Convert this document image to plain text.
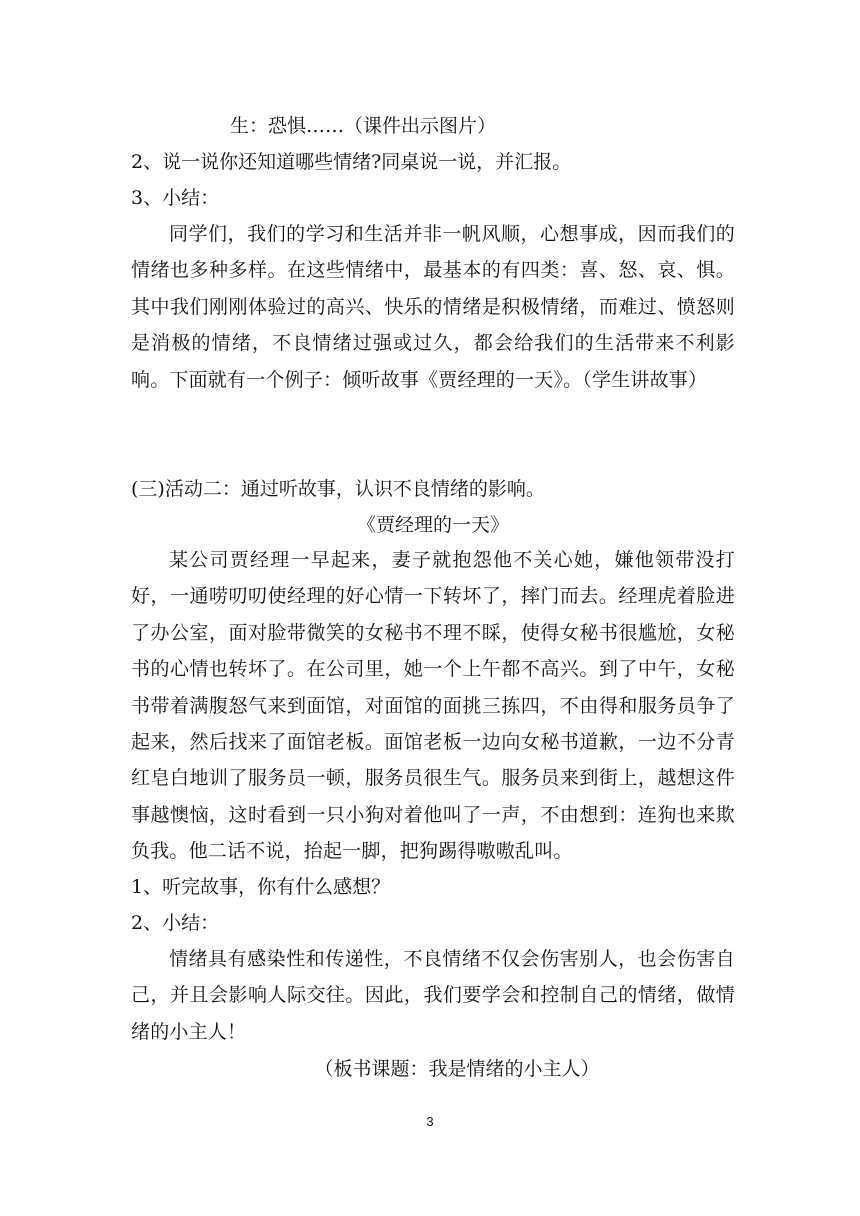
生：恐惧……（课件出示图片）
2、说一说你还知道哪些情绪?同桌说一说，并汇报。
3、小结：
同学们，我们的学习和生活并非一帆风顺，心想事成，因而我们的情绪也多种多样。在这些情绪中，最基本的有四类：喜、怒、哀、惧。其中我们刚刚体验过的高兴、快乐的情绪是积极情绪，而难过、愤怒则是消极的情绪，不良情绪过强或过久，都会给我们的生活带来不利影响。下面就有一个例子：倾听故事《贾经理的一天》。（学生讲故事）
(三)活动二：通过听故事，认识不良情绪的影响。
《贾经理的一天》
某公司贾经理一早起来，妻子就抱怨他不关心她，嫌他领带没打好，一通唠叨叨使经理的好心情一下转坏了，摔门而去。经理虎着脸进了办公室，面对脸带微笑的女秘书不理不睬，使得女秘书很尴尬，女秘书的心情也转坏了。在公司里，她一个上午都不高兴。到了中午，女秘书带着满腹怒气来到面馆，对面馆的面挑三拣四，不由得和服务员争了起来，然后找来了面馆老板。面馆老板一边向女秘书道歉，一边不分青红皂白地训了服务员一顿，服务员很生气。服务员来到街上，越想这件事越懊恼，这时看到一只小狗对着他叫了一声，不由想到：连狗也来欺负我。他二话不说，抬起一脚，把狗踢得嗷嗷乱叫。
1、听完故事，你有什么感想？
2、小结：
情绪具有感染性和传递性，不良情绪不仅会伤害别人，也会伤害自己，并且会影响人际交往。因此，我们要学会和控制自己的情绪，做情绪的小主人！
（板书课题：我是情绪的小主人）
3
